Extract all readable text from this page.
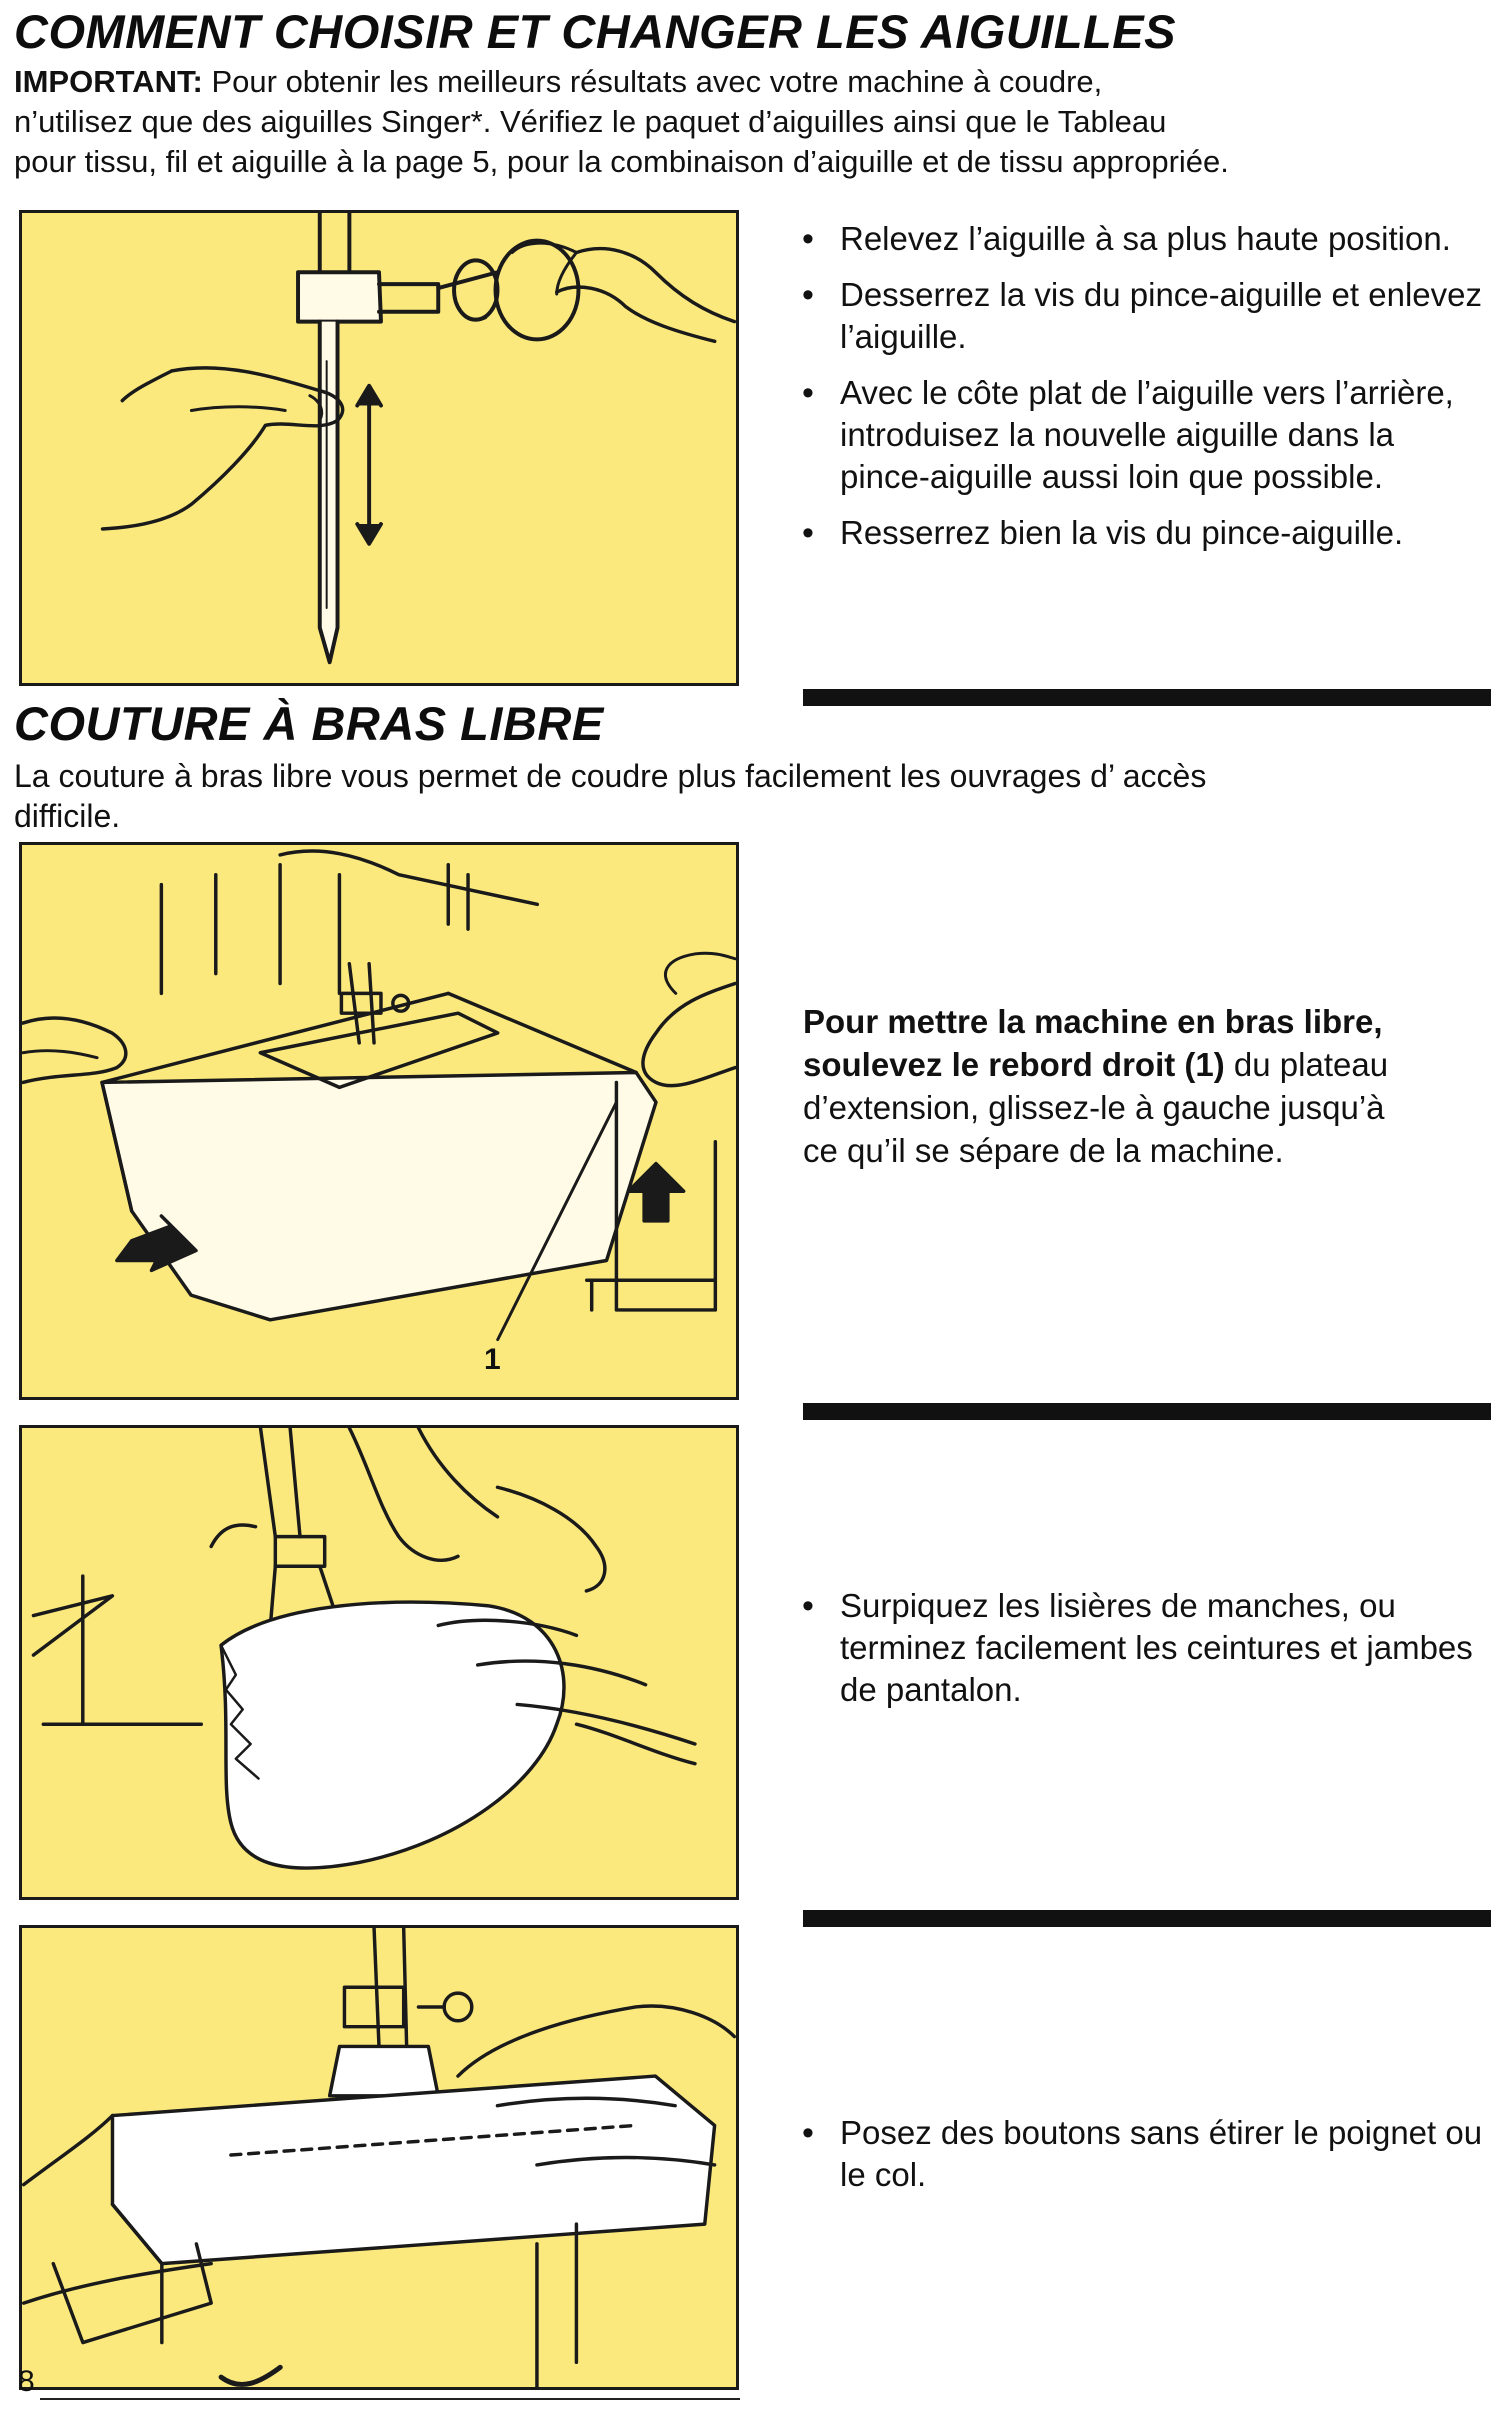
COMMENT CHOISIR ET CHANGER LES AIGUILLES
IMPORTANT: Pour obtenir les meilleurs résultats avec votre machine à coudre,
n’utilisez que des aiguilles Singer*. Vérifiez le paquet d’aiguilles ainsi que le Tableau
pour tissu, fil et aiguille à la page 5, pour la combinaison d’aiguille et de tissu appropriée.
• Relevez l’aiguille à sa plus haute position.
• Desserrez la vis du pince-aiguille et enlevez l’aiguille.
• Avec le côte plat de l’aiguille vers l’arrière, introduisez la nouvelle aiguille dans la pince-aiguille aussi loin que possible.
• Resserrez bien la vis du pince-aiguille.
COUTURE À BRAS LIBRE
La couture à bras libre vous permet de coudre plus facilement les ouvrages d’ accès
difficile.
1
Pour mettre la machine en bras libre,
soulevez le rebord droit (1) du plateau
d’extension, glissez-le à gauche jusqu’à
ce qu’il se sépare de la machine.
• Surpiquez les lisières de manches, ou terminez facilement les ceintures et jambes de pantalon.
• Posez des boutons sans étirer le poignet ou le col.
8
